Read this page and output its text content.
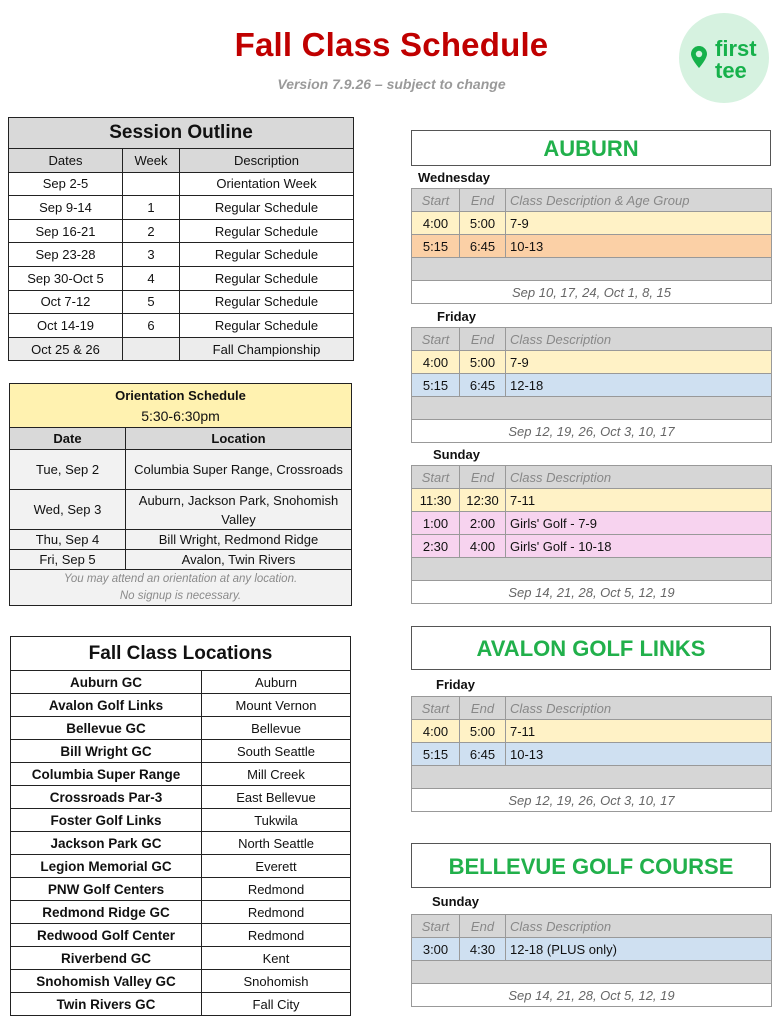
Fall Class Schedule
Version 7.9.26 – subject to change
first
tee
Session Outline		
Dates	Week	Description
Sep 2-5		Orientation Week
Sep 9-14	1	Regular Schedule
Sep 16-21	2	Regular Schedule
Sep 23-28	3	Regular Schedule
Sep 30-Oct 5	4	Regular Schedule
Oct 7-12	5	Regular Schedule
Oct 14-19	6	Regular Schedule
Oct 25 & 26		Fall Championship
Orientation Schedule	
5:30-6:30pm	
Date	Location
Tue, Sep 2	Columbia Super Range, Crossroads
Wed, Sep 3	Auburn, Jackson Park, Snohomish Valley
Thu, Sep 4	Bill Wright, Redmond Ridge
Fri, Sep 5	Avalon, Twin Rivers

You may attend an orientation at any location.
No signup is necessary.	
Fall Class Locations	
Auburn GC	Auburn
Avalon Golf Links	Mount Vernon
Bellevue GC	Bellevue
Bill Wright GC	South Seattle
Columbia Super Range	Mill Creek
Crossroads Par-3	East Bellevue
Foster Golf Links	Tukwila
Jackson Park GC	North Seattle
Legion Memorial GC	Everett
PNW Golf Centers	Redmond
Redmond Ridge GC	Redmond
Redwood Golf Center	Redmond
Riverbend GC	Kent
Snohomish Valley GC	Snohomish
Twin Rivers GC	Fall City
AUBURN
Wednesday
Start	End	Class Description & Age Group
4:00	5:00	7-9
5:15	6:45	10-13

Sep 10, 17, 24, Oct 1, 8, 15		
Friday
Start	End	Class Description
4:00	5:00	7-9
5:15	6:45	12-18

Sep 12, 19, 26, Oct 3, 10, 17		
Sunday
Start	End	Class Description
11:30	12:30	7-11
1:00	2:00	Girls' Golf - 7-9
2:30	4:00	Girls' Golf - 10-18

Sep 14, 21, 28, Oct 5, 12, 19		
AVALON GOLF LINKS
Friday
Start	End	Class Description
4:00	5:00	7-11
5:15	6:45	10-13

Sep 12, 19, 26, Oct 3, 10, 17		
BELLEVUE GOLF COURSE
Sunday
Start	End	Class Description
3:00	4:30	12-18 (PLUS only)

Sep 14, 21, 28, Oct 5, 12, 19		
